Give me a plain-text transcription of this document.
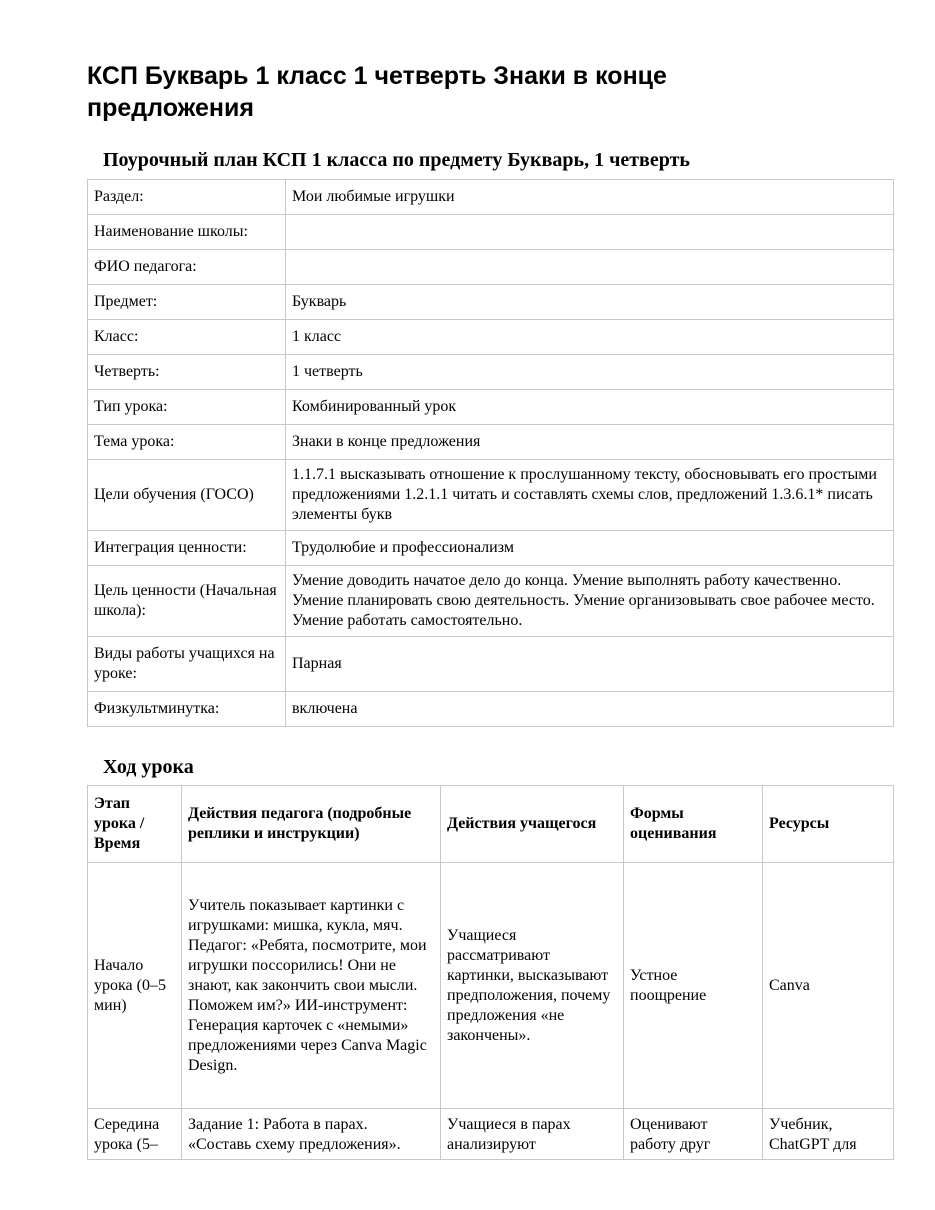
КСП Букварь 1 класс 1 четверть Знаки в конце предложения
Поурочный план КСП 1 класса по предмету Букварь, 1 четверть
Раздел:	Мои любимые игрушки
Наименование школы:	
ФИО педагога:	
Предмет:	Букварь
Класс:	1 класс
Четверть:	1 четверть
Тип урока:	Комбинированный урок
Тема урока:	Знаки в конце предложения
Цели обучения (ГОСО)	1.1.7.1 высказывать отношение к прослушанному тексту, обосновывать его простыми предложениями 1.2.1.1 читать и составлять схемы слов, предложений 1.3.6.1* писать элементы букв
Интеграция ценности:	Трудолюбие и профессионализм
Цель ценности (Начальная школа):	Умение доводить начатое дело до конца. Умение выполнять работу качественно. Умение планировать свою деятельность. Умение организовывать свое рабочее место. Умение работать самостоятельно.
Виды работы учащихся на уроке:	Парная
Физкультминутка:	включена
Ход урока
Этап урока / Время	Действия педагога (подробные реплики и инструкции)	Действия учащегося	Формы оценивания	Ресурсы
Начало урока (0–5 мин)	Учитель показывает картинки с игрушками: мишка, кукла, мяч. Педагог: «Ребята, посмотрите, мои игрушки поссорились! Они не знают, как закончить свои мысли. Поможем им?» ИИ-инструмент: Генерация карточек с «немыми» предложениями через Canva Magic Design.	Учащиеся рассматривают картинки, высказывают предположения, почему предложения «не закончены».	Устное поощрение	Canva
Середина урока (5–	Задание 1: Работа в парах. «Составь схему предложения».	Учащиеся в парах анализируют	Оценивают работу друг	Учебник, ChatGPT для
